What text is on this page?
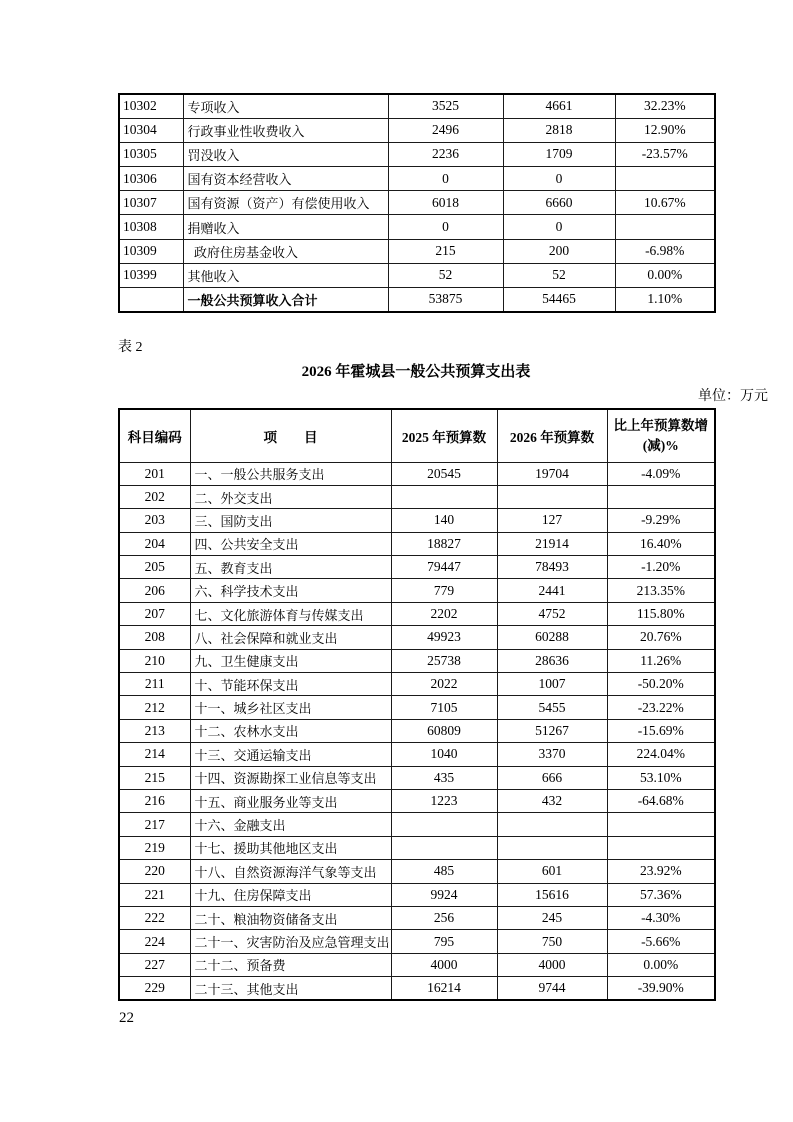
10302	专项收入	3525	4661	32.23%
10304	行政事业性收费收入	2496	2818	12.90%
10305	罚没收入	2236	1709	-23.57%
10306	国有资本经营收入	0	0	
10307	国有资源（资产）有偿使用收入	6018	6660	10.67%
10308	捐赠收入	0	0	
10309	 政府住房基金收入	215	200	-6.98%
10399	其他收入	52	52	0.00%
	一般公共预算收入合计	53875	54465	1.10%
表 2
2026 年霍城县一般公共预算支出表
单位：万元
科目编码	项　　目	2025 年预算数	2026 年预算数	比上年预算数增
(减)%

201	一、一般公共服务支出	20545	19704	-4.09%
202	二、外交支出			
203	三、国防支出	140	127	-9.29%
204	四、公共安全支出	18827	21914	16.40%
205	五、教育支出	79447	78493	-1.20%
206	六、科学技术支出	779	2441	213.35%
207	七、文化旅游体育与传媒支出	2202	4752	115.80%
208	八、社会保障和就业支出	49923	60288	20.76%
210	九、卫生健康支出	25738	28636	11.26%
211	十、节能环保支出	2022	1007	-50.20%
212	十一、城乡社区支出	7105	5455	-23.22%
213	十二、农林水支出	60809	51267	-15.69%
214	十三、交通运输支出	1040	3370	224.04%
215	十四、资源勘探工业信息等支出	435	666	53.10%
216	十五、商业服务业等支出	1223	432	-64.68%
217	十六、金融支出			
219	十七、援助其他地区支出			
220	十八、自然资源海洋气象等支出	485	601	23.92%
221	十九、住房保障支出	9924	15616	57.36%
222	二十、粮油物资储备支出	256	245	-4.30%
224	二十一、灾害防治及应急管理支出	795	750	-5.66%
227	二十二、预备费	4000	4000	0.00%
229	二十三、其他支出	16214	9744	-39.90%
22
